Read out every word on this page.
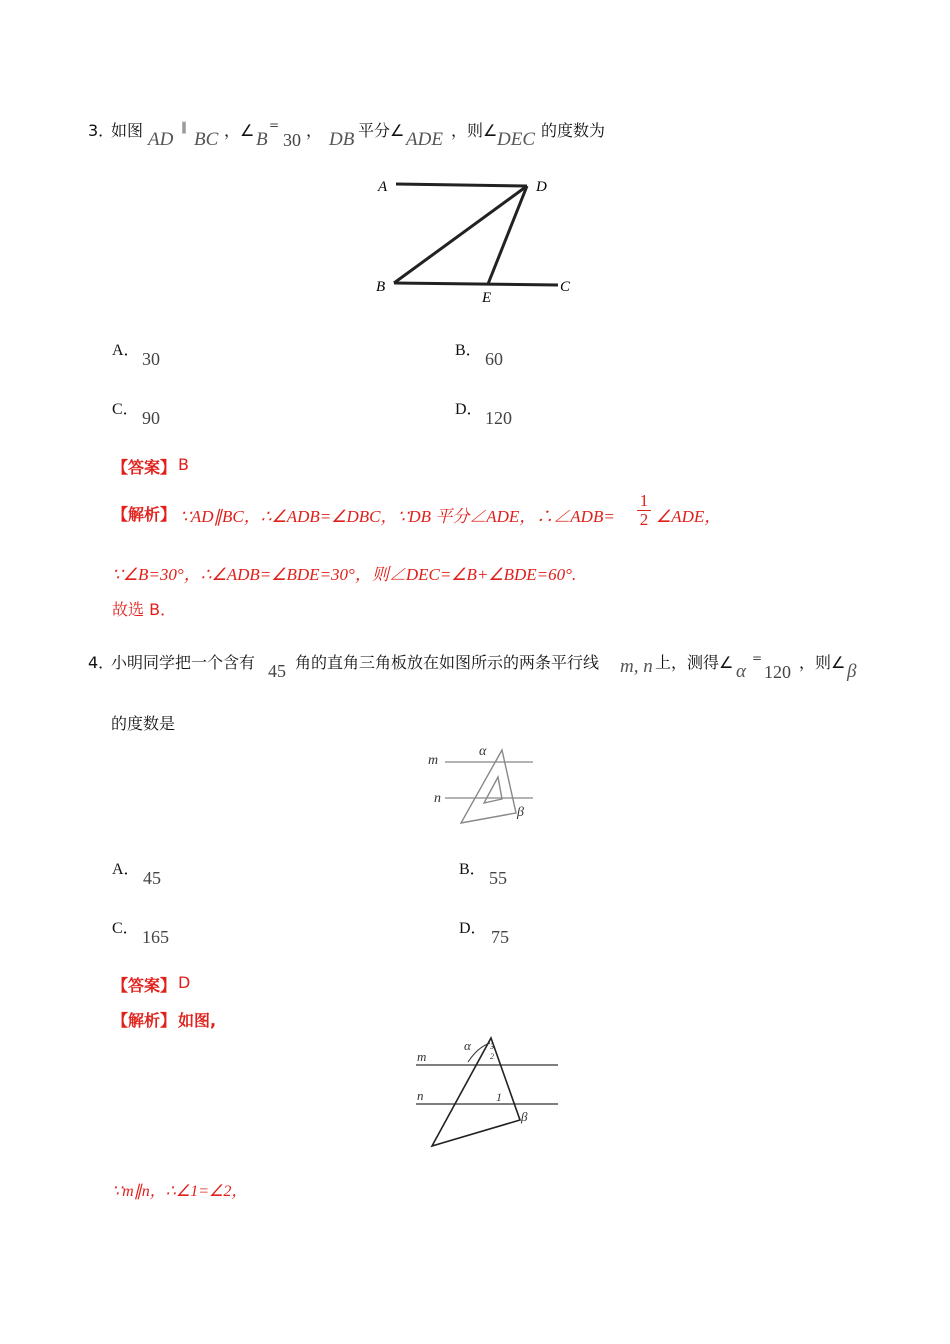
3．
如图 AD
∥
BC ，∠ B
=
30 ， DB 平分∠ ADE ，则∠ DEC 的度数为
A	D
B
E
C
A． 30	B． 60
C． 90	D． 120
【答案】 B
【解析】 ∵AD∥BC，∴∠ADB=∠DBC，∵DB 平分∠ADE，∴∠ADB= $\frac{1}{2}$ ∠ADE，
∵∠B=30°，∴∠ADB=∠BDE=30°，则∠DEC=∠B+∠BDE=60°.
故选 B．
4．
小明同学把一个含有 45 角的直角三角板放在如图所示的两条平行线 m, n 上，测得∠ α
=
120 ，则∠ β
的度数是
m
n
α
β
A． 45	B． 55
C． 165	D． 75
【答案】 D
【解析】 如图,
m
n
α 3
2
1
β
∵m∥n，∴∠1=∠2，
